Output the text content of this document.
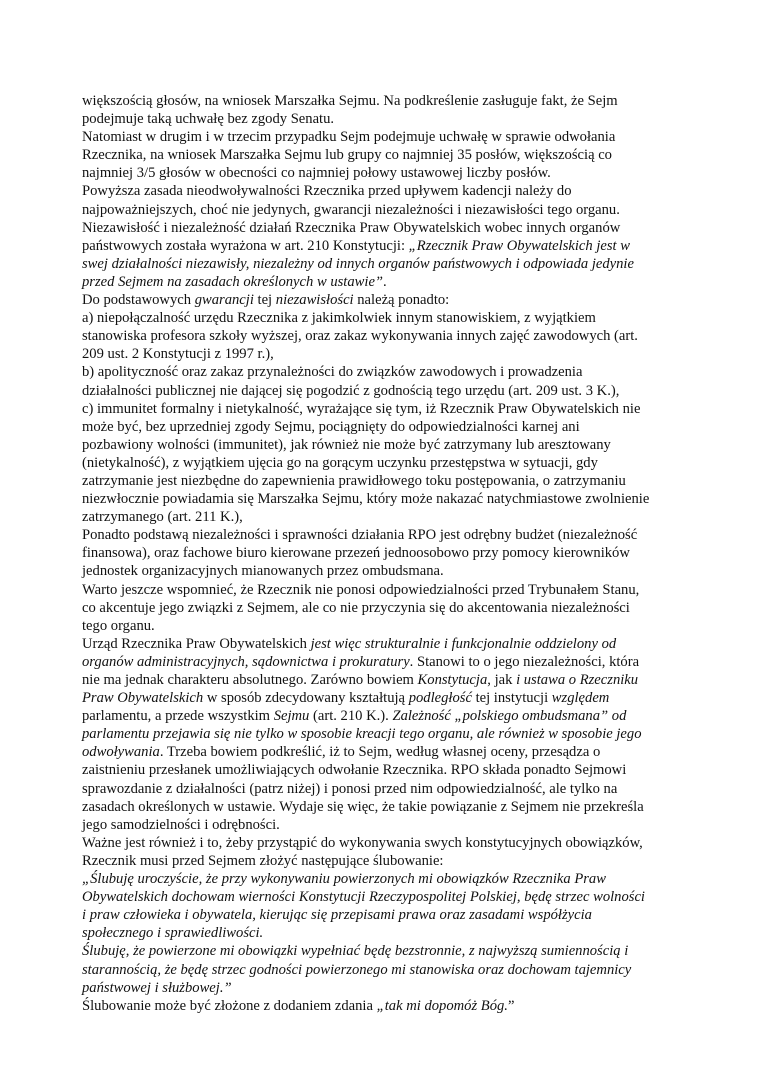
większością głosów, na wniosek Marszałka Sejmu. Na podkreślenie zasługuje fakt, że Sejm
podejmuje taką uchwałę bez zgody Senatu.
Natomiast w drugim i w trzecim przypadku Sejm podejmuje uchwałę w sprawie odwołania
Rzecznika, na wniosek Marszałka Sejmu lub grupy co najmniej 35 posłów, większością co
najmniej 3/5 głosów w obecności co najmniej połowy ustawowej liczby posłów.
Powyższa zasada nieodwoływalności Rzecznika przed upływem kadencji należy do
najpoważniejszych, choć nie jedynych, gwarancji niezależności i niezawisłości tego organu.
Niezawisłość i niezależność działań Rzecznika Praw Obywatelskich wobec innych organów
państwowych została wyrażona w art. 210 Konstytucji: „Rzecznik Praw Obywatelskich jest w
swej działalności niezawisły, niezależny od innych organów państwowych i odpowiada jedynie
przed Sejmem na zasadach określonych w ustawie”.
Do podstawowych gwarancji tej niezawisłości należą ponadto:
a) niepołączalność urzędu Rzecznika z jakimkolwiek innym stanowiskiem, z wyjątkiem
stanowiska profesora szkoły wyższej, oraz zakaz wykonywania innych zajęć zawodowych (art.
209 ust. 2 Konstytucji z 1997 r.),
b) apolityczność oraz zakaz przynależności do związków zawodowych i prowadzenia
działalności publicznej nie dającej się pogodzić z godnością tego urzędu (art. 209 ust. 3 K.),
c) immunitet formalny i nietykalność, wyrażające się tym, iż Rzecznik Praw Obywatelskich nie
może być, bez uprzedniej zgody Sejmu, pociągnięty do odpowiedzialności karnej ani
pozbawiony wolności (immunitet), jak również nie może być zatrzymany lub aresztowany
(nietykalność), z wyjątkiem ujęcia go na gorącym uczynku przestępstwa w sytuacji, gdy
zatrzymanie jest niezbędne do zapewnienia prawidłowego toku postępowania, o zatrzymaniu
niezwłocznie powiadamia się Marszałka Sejmu, który może nakazać natychmiastowe zwolnienie
zatrzymanego (art. 211 K.),
Ponadto podstawą niezależności i sprawności działania RPO jest odrębny budżet (niezależność
finansowa), oraz fachowe biuro kierowane przezeń jednoosobowo przy pomocy kierowników
jednostek organizacyjnych mianowanych przez ombudsmana.
Warto jeszcze wspomnieć, że Rzecznik nie ponosi odpowiedzialności przed Trybunałem Stanu,
co akcentuje jego związki z Sejmem, ale co nie przyczynia się do akcentowania niezależności
tego organu.
Urząd Rzecznika Praw Obywatelskich jest więc strukturalnie i funkcjonalnie oddzielony od
organów administracyjnych, sądownictwa i prokuratury. Stanowi to o jego niezależności, która
nie ma jednak charakteru absolutnego. Zarówno bowiem Konstytucja, jak i ustawa o Rzeczniku
Praw Obywatelskich w sposób zdecydowany kształtują podległość tej instytucji względem
parlamentu, a przede wszystkim Sejmu (art. 210 K.). Zależność „polskiego ombudsmana” od
parlamentu przejawia się nie tylko w sposobie kreacji tego organu, ale również w sposobie jego
odwoływania. Trzeba bowiem podkreślić, iż to Sejm, według własnej oceny, przesądza o
zaistnieniu przesłanek umożliwiających odwołanie Rzecznika. RPO składa ponadto Sejmowi
sprawozdanie z działalności (patrz niżej) i ponosi przed nim odpowiedzialność, ale tylko na
zasadach określonych w ustawie. Wydaje się więc, że takie powiązanie z Sejmem nie przekreśla
jego samodzielności i odrębności.
Ważne jest również i to, żeby przystąpić do wykonywania swych konstytucyjnych obowiązków,
Rzecznik musi przed Sejmem złożyć następujące ślubowanie:
„Ślubuję uroczyście, że przy wykonywaniu powierzonych mi obowiązków Rzecznika Praw
Obywatelskich dochowam wierności Konstytucji Rzeczypospolitej Polskiej, będę strzec wolności
i praw człowieka i obywatela, kierując się przepisami prawa oraz zasadami współżycia
społecznego i sprawiedliwości.
Ślubuję, że powierzone mi obowiązki wypełniać będę bezstronnie, z najwyższą sumiennością i
starannością, że będę strzec godności powierzonego mi stanowiska oraz dochowam tajemnicy
państwowej i służbowej.”
Ślubowanie może być złożone z dodaniem zdania „tak mi dopomóż Bóg.”
